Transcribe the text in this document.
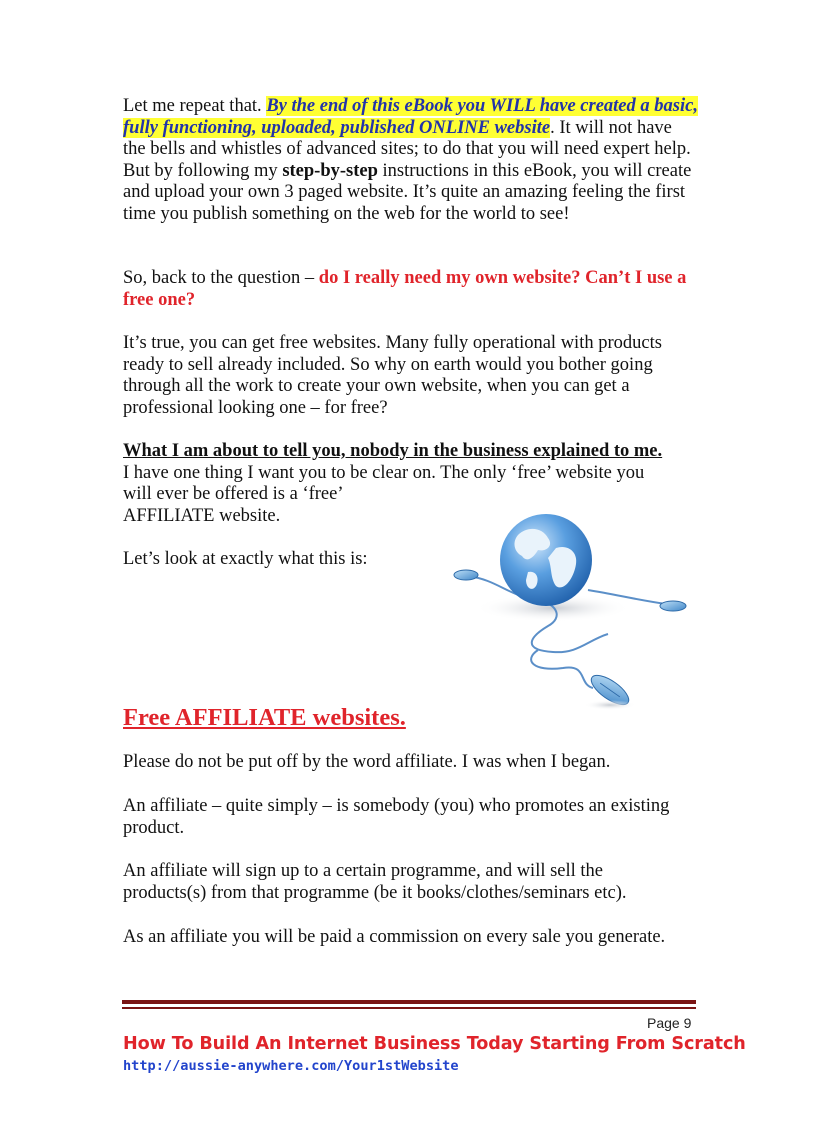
Let me repeat that. By the end of this eBook you WILL have created a basic, fully functioning, uploaded, published ONLINE website. It will not have the bells and whistles of advanced sites; to do that you will need expert help. But by following my step-by-step instructions in this eBook, you will create and upload your own 3 paged website. It’s quite an amazing feeling the first time you publish something on the web for the world to see!

So, back to the question – do I really need my own website? Can’t I use a free one?

It’s true, you can get free websites. Many fully operational with products ready to sell already included. So why on earth would you bother going through all the work to create your own website, when you can get a professional looking one – for free?

What I am about to tell you, nobody in the business explained to me.
I have one thing I want you to be clear on. The only ‘free’ website you
will ever be offered is a ‘free’
AFFILIATE website.

Let’s look at exactly what this is:

Free AFFILIATE websites.

Please do not be put off by the word affiliate. I was when I began.

An affiliate – quite simply – is somebody (you) who promotes an existing product.

An affiliate will sign up to a certain programme, and will sell the products(s) from that programme (be it books/clothes/seminars etc).

As an affiliate you will be paid a commission on every sale you generate.

Page 9
How To Build An Internet Business Today Starting From Scratch
http://aussie-anywhere.com/Your1stWebsite
